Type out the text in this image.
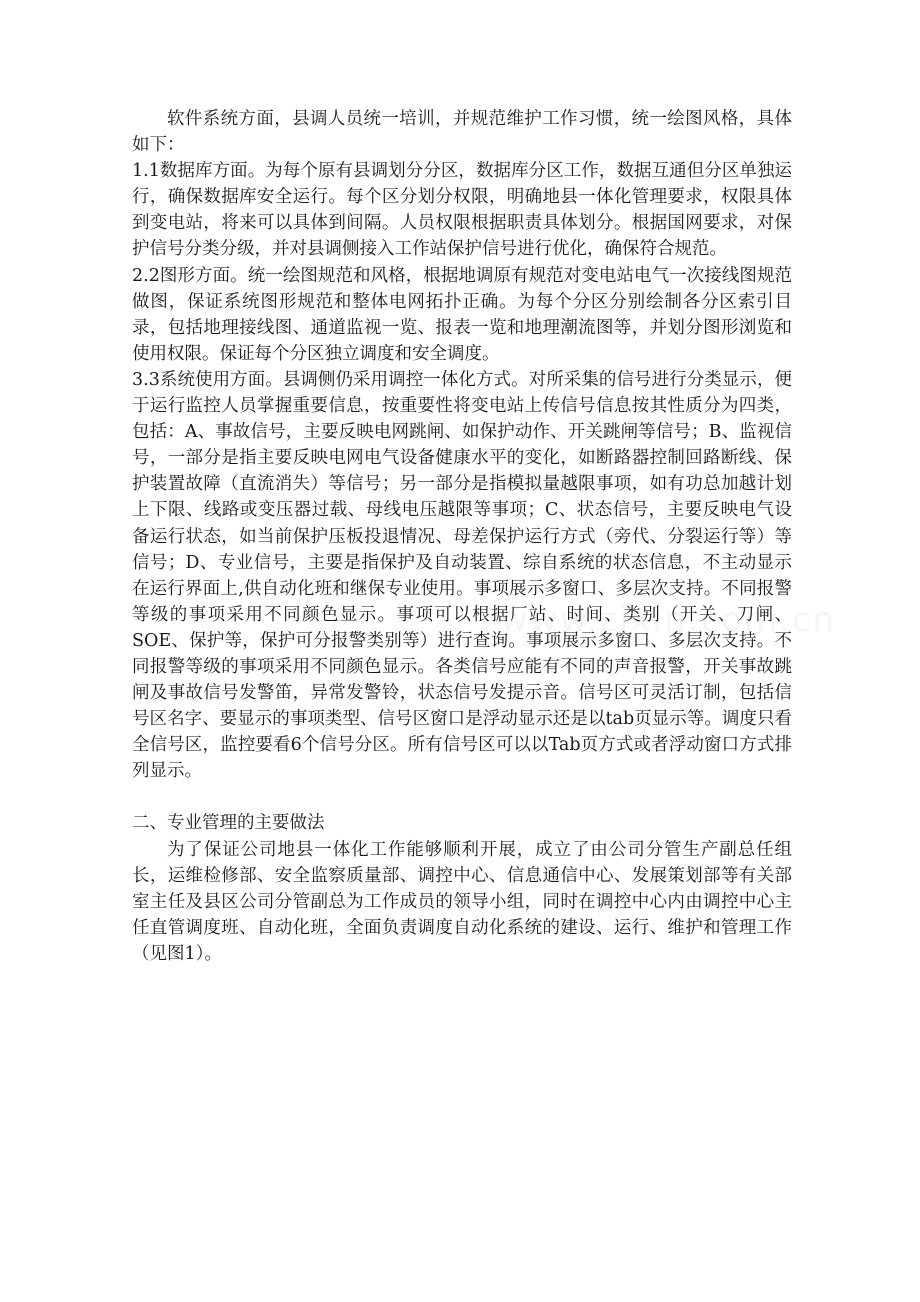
软件系统方面，县调人员统一培训，并规范维护工作习惯，统一绘图风格，具体如下：

1.1数据库方面。为每个原有县调划分分区，数据库分区工作，数据互通但分区单独运行，确保数据库安全运行。每个区分划分权限，明确地县一体化管理要求，权限具体到变电站，将来可以具体到间隔。人员权限根据职责具体划分。根据国网要求，对保护信号分类分级，并对县调侧接入工作站保护信号进行优化，确保符合规范。

2.2图形方面。统一绘图规范和风格，根据地调原有规范对变电站电气一次接线图规范做图，保证系统图形规范和整体电网拓扑正确。为每个分区分别绘制各分区索引目录，包括地理接线图、通道监视一览、报表一览和地理潮流图等，并划分图形浏览和使用权限。保证每个分区独立调度和安全调度。

3.3系统使用方面。县调侧仍采用调控一体化方式。对所采集的信号进行分类显示，便于运行监控人员掌握重要信息，按重要性将变电站上传信号信息按其性质分为四类，包括：A、事故信号，主要反映电网跳闸、如保护动作、开关跳闸等信号；B、监视信号，一部分是指主要反映电网电气设备健康水平的变化，如断路器控制回路断线、保护装置故障（直流消失）等信号；另一部分是指模拟量越限事项，如有功总加越计划上下限、线路或变压器过载、母线电压越限等事项；C、状态信号，主要反映电气设备运行状态，如当前保护压板投退情况、母差保护运行方式（旁代、分裂运行等）等信号；D、专业信号，主要是指保护及自动装置、综自系统的状态信息，不主动显示在运行界面上,供自动化班和继保专业使用。事项展示多窗口、多层次支持。不同报警等级的事项采用不同颜色显示。事项可以根据厂站、时间、类别（开关、刀闸、SOE、保护等，保护可分报警类别等）进行查询。事项展示多窗口、多层次支持。不同报警等级的事项采用不同颜色显示。各类信号应能有不同的声音报警，开关事故跳闸及事故信号发警笛，异常发警铃，状态信号发提示音。信号区可灵活订制，包括信号区名字、要显示的事项类型、信号区窗口是浮动显示还是以tab页显示等。调度只看全信号区，监控要看6个信号分区。所有信号区可以以Tab页方式或者浮动窗口方式排列显示。

二、专业管理的主要做法

为了保证公司地县一体化工作能够顺利开展，成立了由公司分管生产副总任组长，运维检修部、安全监察质量部、调控中心、信息通信中心、发展策划部等有关部室主任及县区公司分管副总为工作成员的领导小组，同时在调控中心内由调控中心主任直管调度班、自动化班，全面负责调度自动化系统的建设、运行、维护和管理工作（见图1）。
